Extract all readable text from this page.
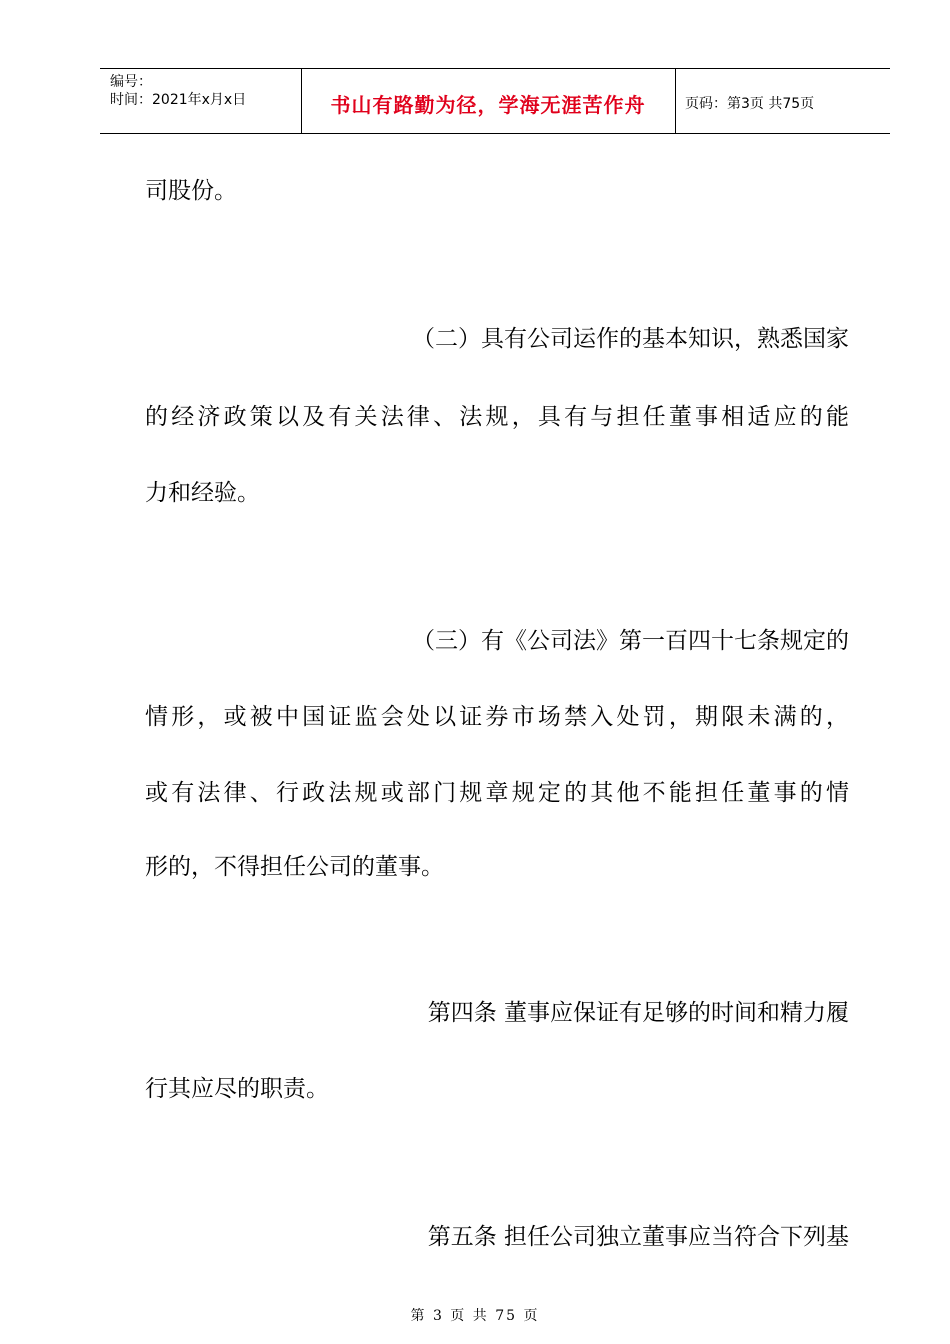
编号：
时间：2021年x月x日	书山有路勤为径，学海无涯苦作舟	页码：第3页 共75页
司股份。
（二）具有公司运作的基本知识，熟悉国家
的经济政策以及有关法律、法规，具有与担任董事相适应的能
力和经验。
（三）有《公司法》第一百四十七条规定的
情形，或被中国证监会处以证券市场禁入处罚，期限未满的，
或有法律、行政法规或部门规章规定的其他不能担任董事的情
形的，不得担任公司的董事。
第四条 董事应保证有足够的时间和精力履
行其应尽的职责。
第五条 担任公司独立董事应当符合下列基
第 3 页 共 75 页
